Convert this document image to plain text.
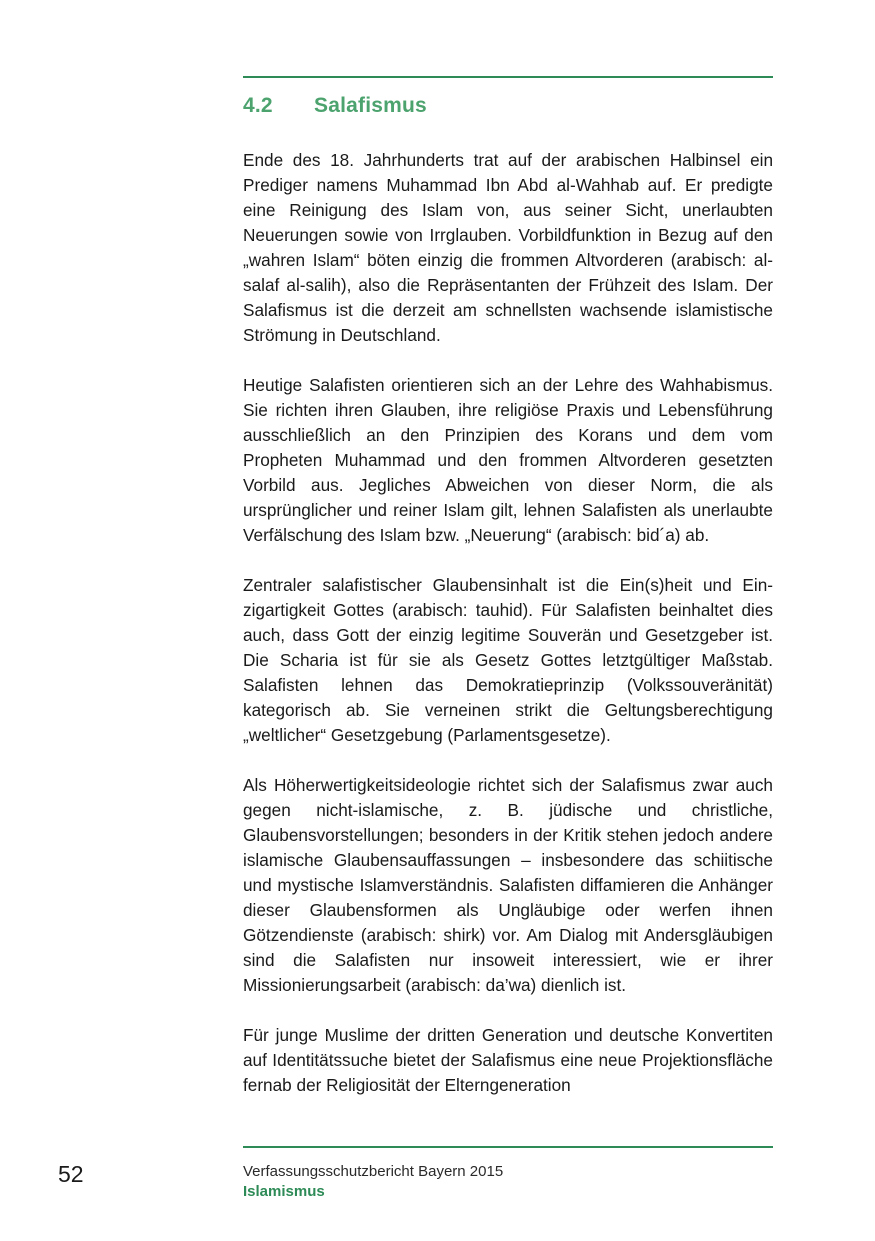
4.2 Salafismus

Ende des 18. Jahrhunderts trat auf der arabischen Halbinsel ein Prediger namens Muhammad Ibn Abd al-Wahhab auf. Er predigte eine Reinigung des Islam von, aus seiner Sicht, unerlaubten Neuerungen sowie von Irrglauben. Vorbildfunktion in Bezug auf den „wahren Islam“ böten einzig die frommen Altvorderen (arabisch: al-salaf al-salih), also die Repräsentanten der Frühzeit des Islam. Der Salafismus ist die derzeit am schnellsten wachsende islamistische Strömung in Deutschland.

Heutige Salafisten orientieren sich an der Lehre des Wahhabismus. Sie richten ihren Glauben, ihre religiöse Praxis und Lebensführung ausschließlich an den Prinzipien des Korans und dem vom Propheten Muhammad und den frommen Altvorderen gesetzten Vorbild aus. Jegliches Abweichen von dieser Norm, die als ursprünglicher und reiner Islam gilt, lehnen Salafisten als unerlaubte Verfälschung des Islam bzw. „Neuerung“ (arabisch: bid´a) ab.

Zentraler salafistischer Glaubensinhalt ist die Ein(s)heit und Einzigartigkeit Gottes (arabisch: tauhid). Für Salafisten beinhaltet dies auch, dass Gott der einzig legitime Souverän und Gesetzgeber ist. Die Scharia ist für sie als Gesetz Gottes letztgültiger Maßstab. Salafisten lehnen das Demokratieprinzip (Volkssouveränität) kategorisch ab. Sie verneinen strikt die Geltungsberechtigung „weltlicher“ Gesetzgebung (Parlamentsgesetze).

Als Höherwertigkeitsideologie richtet sich der Salafismus zwar auch gegen nicht-islamische, z. B. jüdische und christliche, Glaubensvorstellungen; besonders in der Kritik stehen jedoch andere islamische Glaubensauffassungen – insbesondere das schiitische und mystische Islamverständnis. Salafisten diffamieren die Anhänger dieser Glaubensformen als Ungläubige oder werfen ihnen Götzendienste (arabisch: shirk) vor. Am Dialog mit Andersgläubigen sind die Salafisten nur insoweit interessiert, wie er ihrer Missionierungsarbeit (arabisch: da’wa) dienlich ist.

Für junge Muslime der dritten Generation und deutsche Konvertiten auf Identitätssuche bietet der Salafismus eine neue Projektionsfläche fernab der Religiosität der Elterngeneration

52	Verfassungsschutzbericht Bayern 2015
Islamismus
